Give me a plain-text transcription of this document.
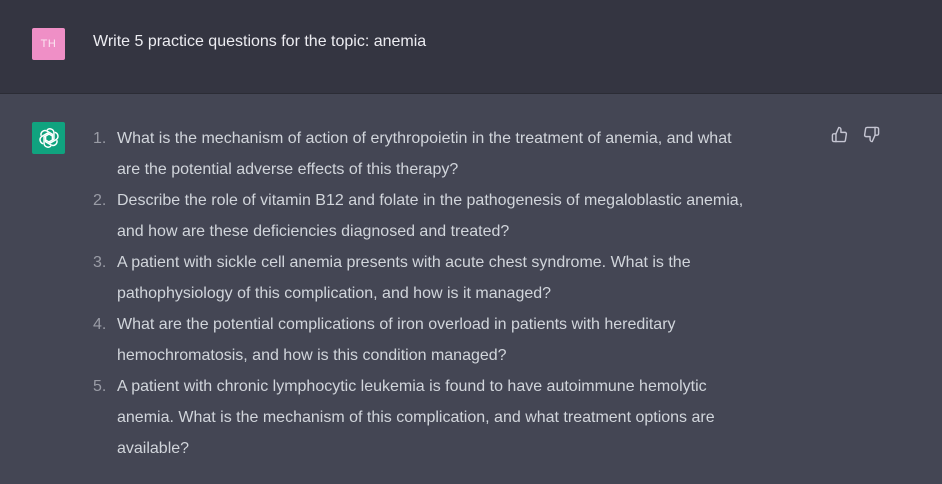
TH	Write 5 practice questions for the topic: anemia
1. What is the mechanism of action of erythropoietin in the treatment of anemia, and what
are the potential adverse effects of this therapy?
2. Describe the role of vitamin B12 and folate in the pathogenesis of megaloblastic anemia,
and how are these deficiencies diagnosed and treated?
3. A patient with sickle cell anemia presents with acute chest syndrome. What is the
pathophysiology of this complication, and how is it managed?
4. What are the potential complications of iron overload in patients with hereditary
hemochromatosis, and how is this condition managed?
5. A patient with chronic lymphocytic leukemia is found to have autoimmune hemolytic
anemia. What is the mechanism of this complication, and what treatment options are
available?
